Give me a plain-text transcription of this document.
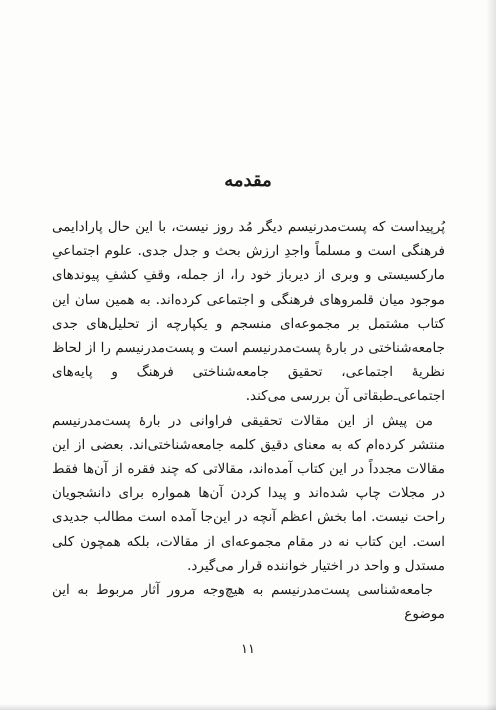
مقدمه

پُرپیداست که پست‌مدرنیسم دیگر مُد روز نیست، با این حال پارادایمی فرهنگی است و مسلماً واجدِ ارزش بحث و جدل جدی. علوم اجتماعیِ مارکسیستی و وبری از دیرباز خود را، از جمله، وقفِ کشفِ پیوندهای موجود میان قلمروهای فرهنگی و اجتماعی کرده‌اند. به همین سان این کتاب مشتمل بر مجموعه‌ای منسجم و یکپارچه از تحلیل‌های جدی جامعه‌شناختی در بارهٔ پست‌مدرنیسم است و پست‌مدرنیسم را از لحاظ نظریهٔ اجتماعی، تحقیق جامعه‌شناختی فرهنگ و پایه‌های اجتماعی‌ـ‌طبقاتی آن بررسی می‌کند.

من پیش از این مقالات تحقیقی فراوانی در بارهٔ پست‌مدرنیسم منتشر کرده‌ام که به معنای دقیق کلمه جامعه‌شناختی‌اند. بعضی از این مقالات مجدداً در این کتاب آمده‌اند، مقالاتی که چند فقره از آن‌ها فقط در مجلات چاپ شده‌اند و پیدا کردن آن‌ها همواره برای دانشجویان راحت نیست. اما بخش اعظم آنچه در این‌جا آمده است مطالب جدیدی است. این کتاب نه در مقام مجموعه‌ای از مقالات، بلکه همچون کلی مستدل و واحد در اختیار خواننده قرار می‌گیرد.

جامعه‌شناسی پست‌مدرنیسم به هیچ‌وجه مرور آثار مربوط به این موضوع

۱۱
